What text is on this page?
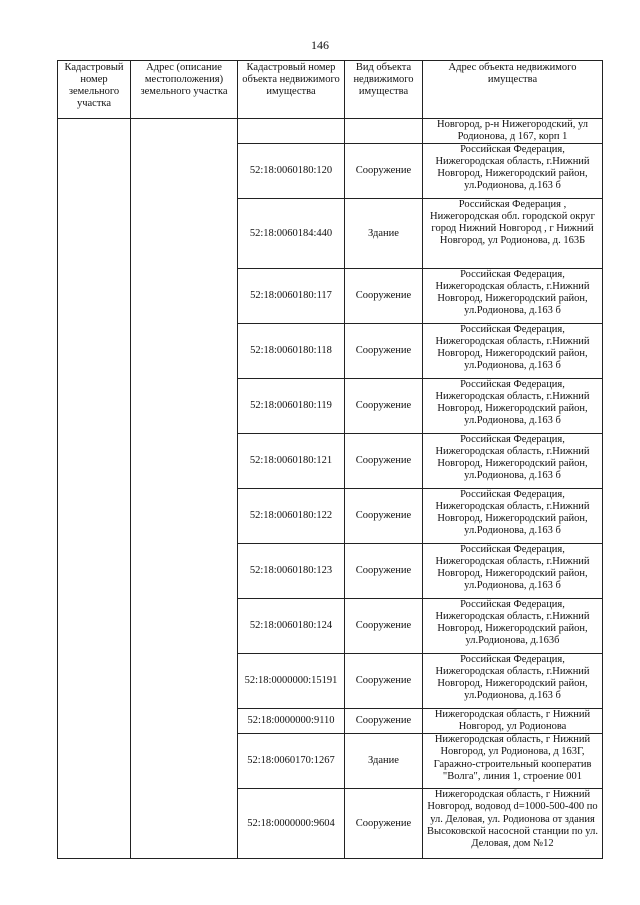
146
Кадастровый номер земельного участка	Адрес (описание местоположения) земельного участка	Кадастровый номер объекта недвижимого имущества	Вид объекта недвижимого имущества	Адрес объекта недвижимого имущества
				Новгород, р-н Нижегородский, ул Родионова, д 167, корп 1
		52:18:0060180:120	Сооружение	Российская Федерация, Нижегородская область, г.Нижний Новгород, Нижегородский район, ул.Родионова, д.163 б
		52:18:0060184:440	Здание	Российская Федерация , Нижегородская обл. городской округ город Нижний Новгород , г Нижний Новгород, ул Родионова, д. 163Б
		52:18:0060180:117	Сооружение	Российская Федерация, Нижегородская область, г.Нижний Новгород, Нижегородский район, ул.Родионова, д.163 б
		52:18:0060180:118	Сооружение	Российская Федерация, Нижегородская область, г.Нижний Новгород, Нижегородский район, ул.Родионова, д.163 б
		52:18:0060180:119	Сооружение	Российская Федерация, Нижегородская область, г.Нижний Новгород, Нижегородский район, ул.Родионова, д.163 б
		52:18:0060180:121	Сооружение	Российская Федерация, Нижегородская область, г.Нижний Новгород, Нижегородский район, ул.Родионова, д.163 б
		52:18:0060180:122	Сооружение	Российская Федерация, Нижегородская область, г.Нижний Новгород, Нижегородский район, ул.Родионова, д.163 б
		52:18:0060180:123	Сооружение	Российская Федерация, Нижегородская область, г.Нижний Новгород, Нижегородский район, ул.Родионова, д.163 б
		52:18:0060180:124	Сооружение	Российская Федерация, Нижегородская область, г.Нижний Новгород, Нижегородский район, ул.Родионова, д.163б
		52:18:0000000:15191	Сооружение	Российская Федерация, Нижегородская область, г.Нижний Новгород, Нижегородский район, ул.Родионова, д.163 б
		52:18:0000000:9110	Сооружение	Нижегородская область, г Нижний Новгород, ул Родионова
		52:18:0060170:1267	Здание	Нижегородская область, г Нижний Новгород, ул Родионова, д 163Г, Гаражно-строительный кооператив "Волга", линия 1, строение 001
		52:18:0000000:9604	Сооружение	Нижегородская область, г Нижний Новгород, водовод d=1000-500-400 по ул. Деловая, ул. Родионова от здания Высоковской насосной станции по ул. Деловая, дом №12
